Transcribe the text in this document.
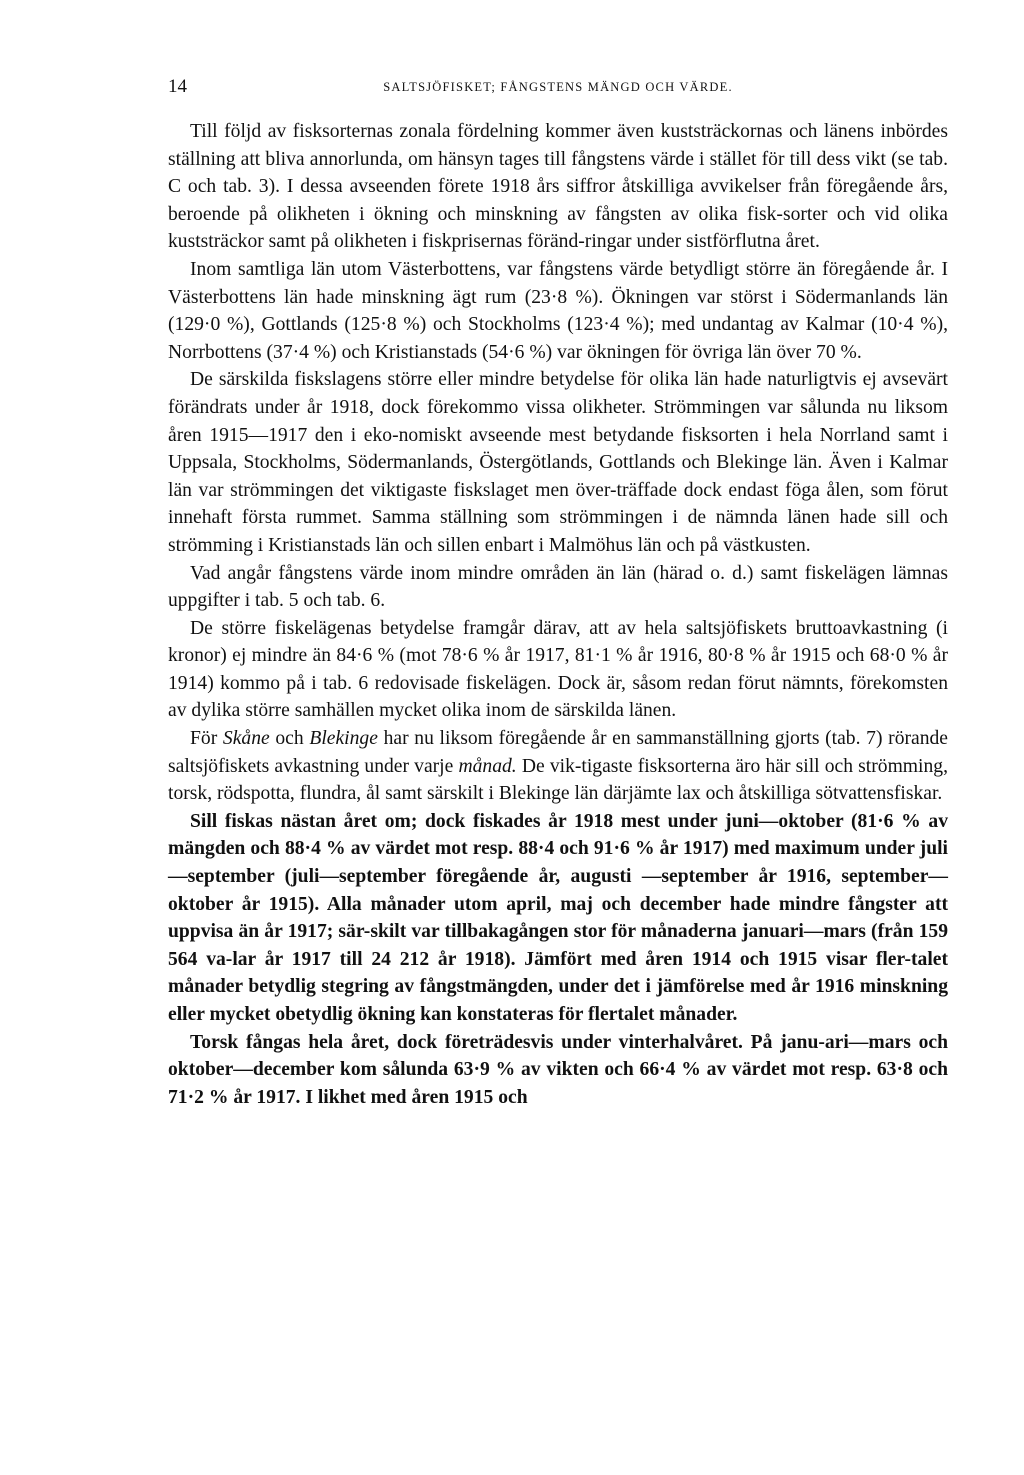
14	SALTSJÖFISKET; FÅNGSTENS MÄNGD OCH VÄRDE.

Till följd av fisksorternas zonala fördelning kommer även kuststräckornas och länens inbördes ställning att bliva annorlunda, om hänsyn tages till fångstens värde i stället för till dess vikt (se tab. C och tab. 3). I dessa avseenden förete 1918 års siffror åtskilliga avvikelser från föregående års, beroende på olikheten i ökning och minskning av fångsten av olika fisk-sorter och vid olika kuststräckor samt på olikheten i fiskprisernas föränd-ringar under sistförflutna året.

Inom samtliga län utom Västerbottens, var fångstens värde betydligt större än föregående år. I Västerbottens län hade minskning ägt rum (23·8 %). Ökningen var störst i Södermanlands län (129·0 %), Gottlands (125·8 %) och Stockholms (123·4 %); med undantag av Kalmar (10·4 %), Norrbottens (37·4 %) och Kristianstads (54·6 %) var ökningen för övriga län över 70 %.

De särskilda fiskslagens större eller mindre betydelse för olika län hade naturligtvis ej avsevärt förändrats under år 1918, dock förekommo vissa olikheter. Strömmingen var sålunda nu liksom åren 1915—1917 den i eko-nomiskt avseende mest betydande fisksorten i hela Norrland samt i Uppsala, Stockholms, Södermanlands, Östergötlands, Gottlands och Blekinge län. Även i Kalmar län var strömmingen det viktigaste fiskslaget men över-träffade dock endast föga ålen, som förut innehaft första rummet. Samma ställning som strömmingen i de nämnda länen hade sill och strömming i Kristianstads län och sillen enbart i Malmöhus län och på västkusten.

Vad angår fångstens värde inom mindre områden än län (härad o. d.) samt fiskelägen lämnas uppgifter i tab. 5 och tab. 6.

De större fiskelägenas betydelse framgår därav, att av hela saltsjöfiskets bruttoavkastning (i kronor) ej mindre än 84·6 % (mot 78·6 % år 1917, 81·1 % år 1916, 80·8 % år 1915 och 68·0 % år 1914) kommo på i tab. 6 redovisade fiskelägen. Dock är, såsom redan förut nämnts, förekomsten av dylika större samhällen mycket olika inom de särskilda länen.

För Skåne och Blekinge har nu liksom föregående år en sammanställning gjorts (tab. 7) rörande saltsjöfiskets avkastning under varje månad. De vik-tigaste fisksorterna äro här sill och strömming, torsk, rödspotta, flundra, ål samt särskilt i Blekinge län därjämte lax och åtskilliga sötvattensfiskar.

Sill fiskas nästan året om; dock fiskades år 1918 mest under juni—oktober (81·6 % av mängden och 88·4 % av värdet mot resp. 88·4 och 91·6 % år 1917) med maximum under juli—september (juli—september föregående år, augusti —september år 1916, september—oktober år 1915). Alla månader utom april, maj och december hade mindre fångster att uppvisa än år 1917; sär-skilt var tillbakagången stor för månaderna januari—mars (från 159 564 va-lar år 1917 till 24 212 år 1918). Jämfört med åren 1914 och 1915 visar fler-talet månader betydlig stegring av fångstmängden, under det i jämförelse med år 1916 minskning eller mycket obetydlig ökning kan konstateras för flertalet månader.

Torsk fångas hela året, dock företrädesvis under vinterhalvåret. På janu-ari—mars och oktober—december kom sålunda 63·9 % av vikten och 66·4 % av värdet mot resp. 63·8 och 71·2 % år 1917. I likhet med åren 1915 och
